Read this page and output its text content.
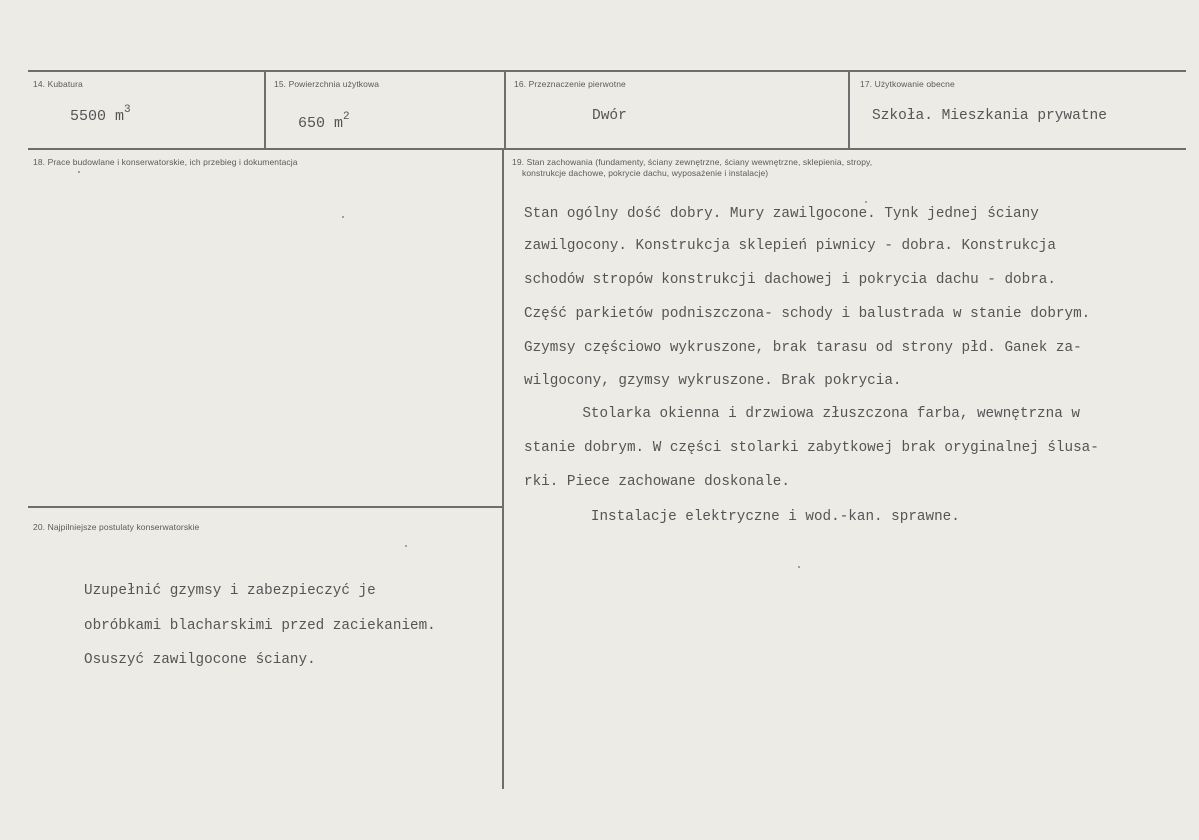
14. Kubatura
5500 $m^3$
15. Powierzchnia użytkowa
650 $m^2$
16. Przeznaczenie pierwotne
Dwór
17. Użytkowanie obecne
Szkoła. Mieszkania prywatne
18. Prace budowlane i konserwatorskie, ich przebieg i dokumentacja	19. Stan zachowania (fundamenty, ściany zewnętrzne, ściany wewnętrzne, sklepienia, stropy,
konstrukcje dachowe, pokrycie dachu, wyposażenie i instalacje)
Stan ogólny dość dobry. Mury zawilgocone. Tynk jednej ściany
zawilgocony. Konstrukcja sklepień piwnicy - dobra. Konstrukcja
schodów stropów konstrukcji dachowej i pokrycia dachu - dobra.
Część parkietów podniszczona- schody i balustrada w stanie dobrym.
Gzymsy częściowo wykruszone, brak tarasu od strony płd. Ganek za-
wilgocony, gzymsy wykruszone. Brak pokrycia.
Stolarka okienna i drzwiowa złuszczona farba, wewnętrzna w
stanie dobrym. W części stolarki zabytkowej brak oryginalnej ślusa-
rki. Piece zachowane doskonale.
Instalacje elektryczne i wod.-kan. sprawne.
20. Najpilniejsze postulaty konserwatorskie
Uzupełnić gzymsy i zabezpieczyć je
obróbkami blacharskimi przed zaciekaniem.
Osuszyć zawilgocone ściany.
